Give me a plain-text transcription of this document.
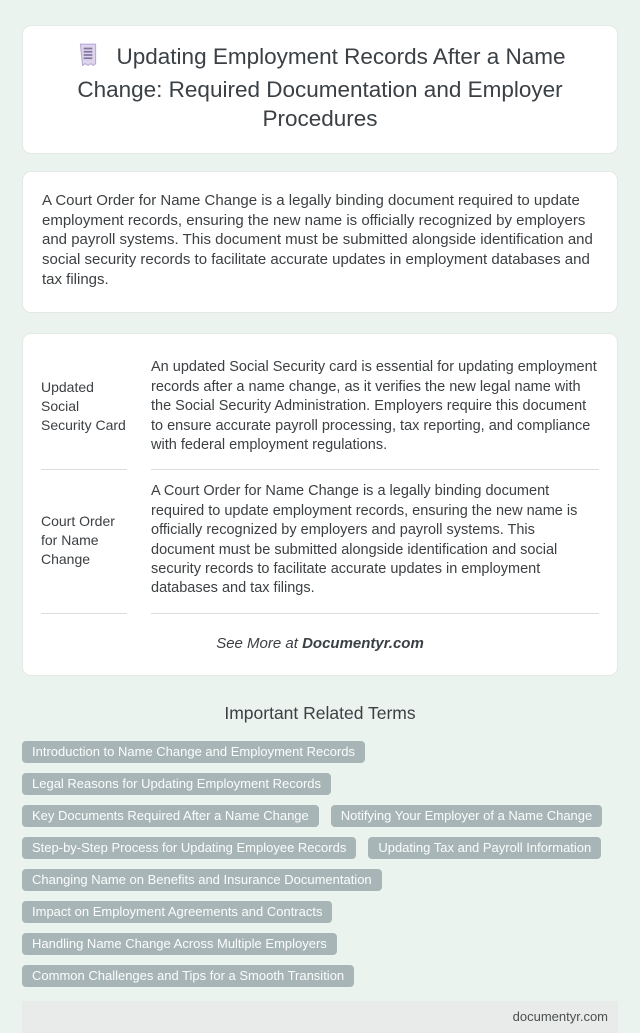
Updating Employment Records After a Name Change: Required Documentation and Employer Procedures

A Court Order for Name Change is a legally binding document required to update employment records, ensuring the new name is officially recognized by employers and payroll systems. This document must be submitted alongside identification and social security records to facilitate accurate updates in employment databases and tax filings.

Updated Social Security Card		An updated Social Security card is essential for updating employment records after a name change, as it verifies the new legal name with the Social Security Administration. Employers require this document to ensure accurate payroll processing, tax reporting, and compliance with federal employment regulations.
Court Order for Name Change		A Court Order for Name Change is a legally binding document required to update employment records, ensuring the new name is officially recognized by employers and payroll systems. This document must be submitted alongside identification and social security records to facilitate accurate updates in employment databases and tax filings.
See More at Documentyr.com
Important Related Terms
Introduction to Name Change and Employment Records
Legal Reasons for Updating Employment Records
Key Documents Required After a Name Change	Notifying Your Employer of a Name Change
Step-by-Step Process for Updating Employee Records	Updating Tax and Payroll Information
Changing Name on Benefits and Insurance Documentation
Impact on Employment Agreements and Contracts
Handling Name Change Across Multiple Employers
Common Challenges and Tips for a Smooth Transition
documentyr.com
